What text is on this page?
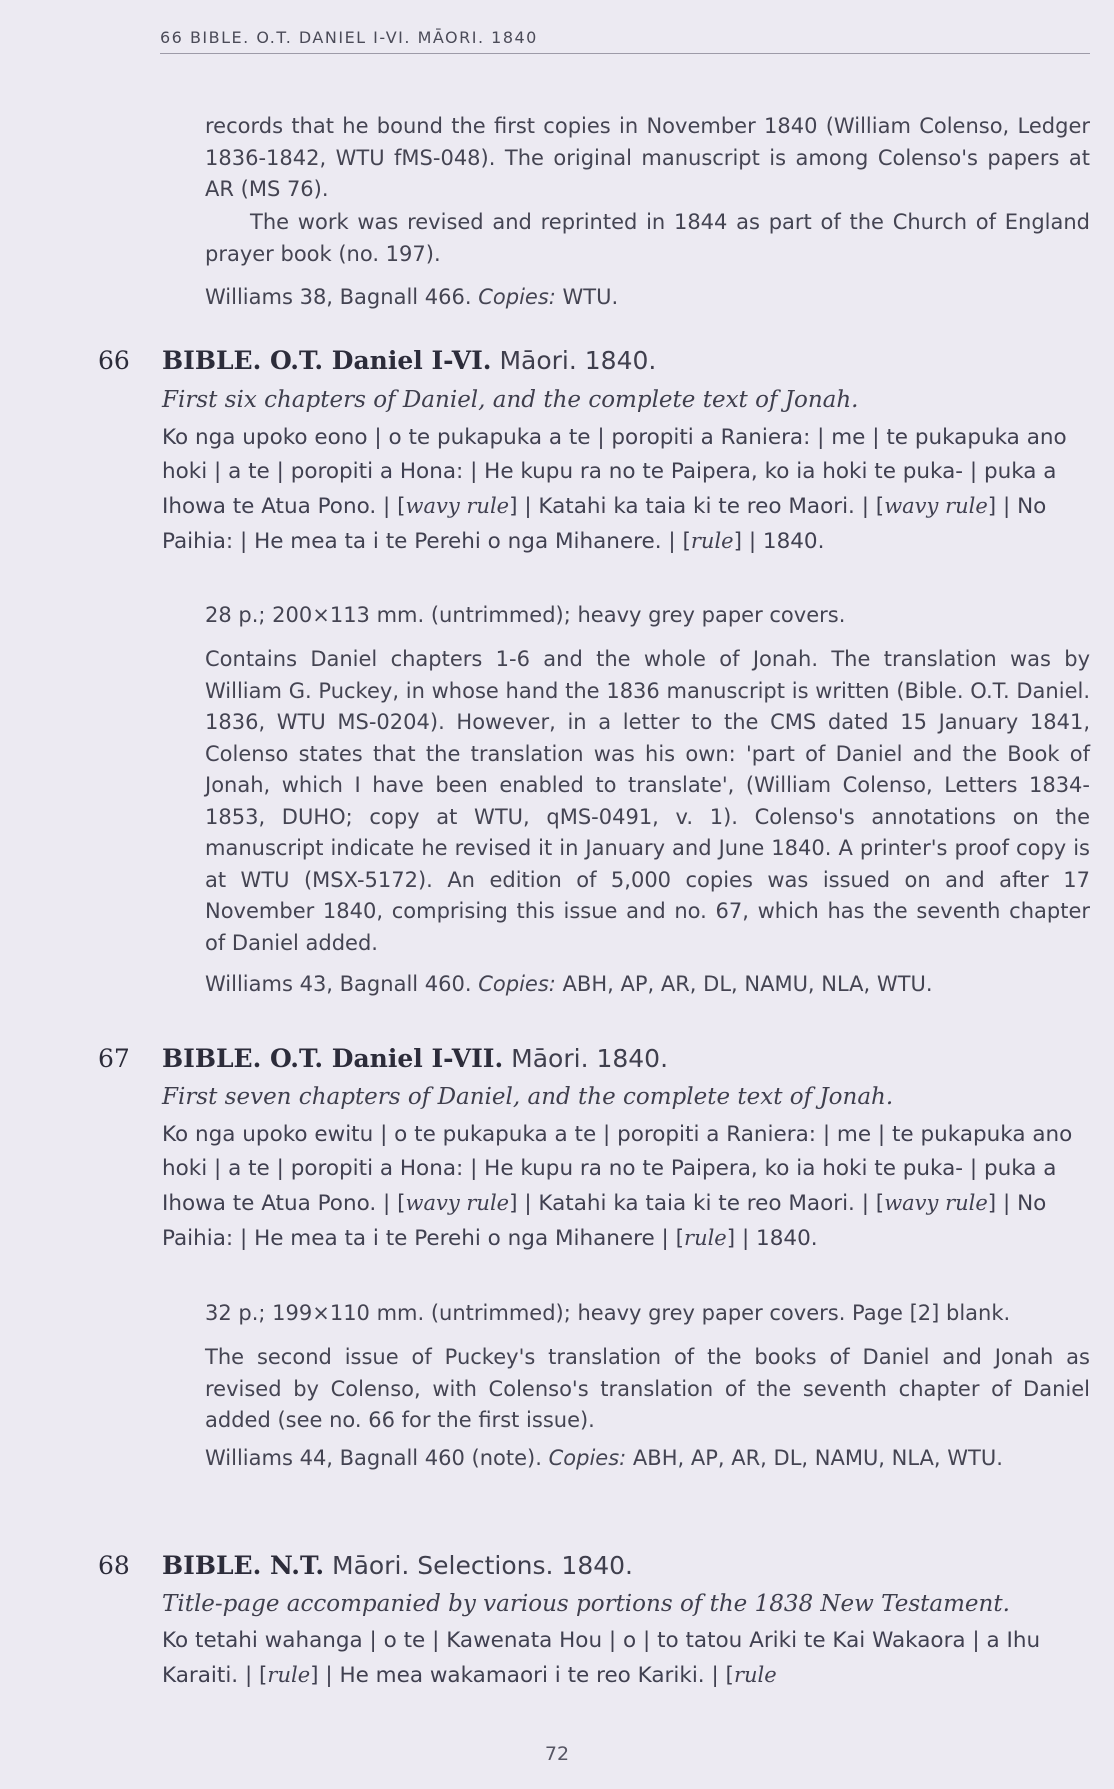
66 BIBLE. O.T. DANIEL I-VI. MĀORI. 1840

records that he bound the first copies in November 1840 (William Colenso, Ledger 1836-1842, WTU fMS-048). The original manuscript is among Colenso's papers at AR (MS 76).

The work was revised and reprinted in 1844 as part of the Church of England prayer book (no. 197).

Williams 38, Bagnall 466. Copies: WTU.

66 BIBLE. O.T. Daniel I-VI. Māori. 1840.
First six chapters of Daniel, and the complete text of Jonah.

Ko nga upoko eono | o te pukapuka a te | poropiti a Raniera: | me | te pukapuka ano hoki | a te | poropiti a Hona: | He kupu ra no te Paipera, ko ia hoki te puka- | puka a Ihowa te Atua Pono. | [wavy rule] | Katahi ka taia ki te reo Maori. | [wavy rule] | No Paihia: | He mea ta i te Perehi o nga Mihanere. | [rule] | 1840.

28 p.; 200×113 mm. (untrimmed); heavy grey paper covers.

Contains Daniel chapters 1-6 and the whole of Jonah. The translation was by William G. Puckey, in whose hand the 1836 manuscript is written (Bible. O.T. Daniel. 1836, WTU MS-0204). However, in a letter to the CMS dated 15 January 1841, Colenso states that the translation was his own: 'part of Daniel and the Book of Jonah, which I have been enabled to translate', (William Colenso, Letters 1834-1853, DUHO; copy at WTU, qMS-0491, v. 1). Colenso's annotations on the manuscript indicate he revised it in January and June 1840. A printer's proof copy is at WTU (MSX-5172). An edition of 5,000 copies was issued on and after 17 November 1840, comprising this issue and no. 67, which has the seventh chapter of Daniel added.

Williams 43, Bagnall 460. Copies: ABH, AP, AR, DL, NAMU, NLA, WTU.

67 BIBLE. O.T. Daniel I-VII. Māori. 1840.
First seven chapters of Daniel, and the complete text of Jonah.

Ko nga upoko ewitu | o te pukapuka a te | poropiti a Raniera: | me | te pukapuka ano hoki | a te | poropiti a Hona: | He kupu ra no te Paipera, ko ia hoki te puka- | puka a Ihowa te Atua Pono. | [wavy rule] | Katahi ka taia ki te reo Maori. | [wavy rule] | No Paihia: | He mea ta i te Perehi o nga Mihanere | [rule] | 1840.

32 p.; 199×110 mm. (untrimmed); heavy grey paper covers. Page [2] blank.

The second issue of Puckey's translation of the books of Daniel and Jonah as revised by Colenso, with Colenso's translation of the seventh chapter of Daniel added (see no. 66 for the first issue).

Williams 44, Bagnall 460 (note). Copies: ABH, AP, AR, DL, NAMU, NLA, WTU.

68 BIBLE. N.T. Māori. Selections. 1840.
Title-page accompanied by various portions of the 1838 New Testament.

Ko tetahi wahanga | o te | Kawenata Hou | o | to tatou Ariki te Kai Wakaora | a Ihu Karaiti. | [rule] | He mea wakamaori i te reo Kariki. | [rule

72
